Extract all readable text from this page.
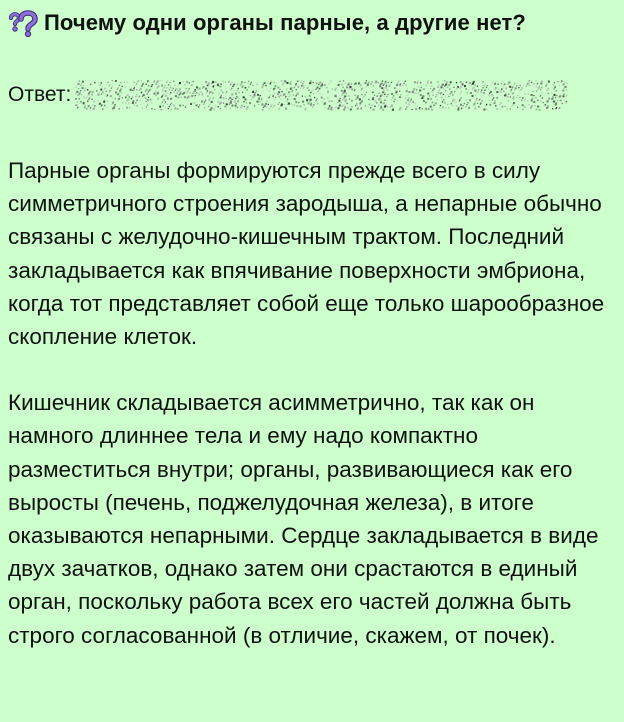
Почему одни органы парные, а другие нет?
Ответ:

Парные органы формируются прежде всего в силу симметричного строения зародыша, а непарные обычно связаны с желудочно-кишечным трактом. Последний закладывается как впячивание поверхности эмбриона, когда тот представляет собой еще только шарообразное скопление клеток.

Кишечник складывается асимметрично, так как он намного длиннее тела и ему надо компактно разместиться внутри; органы, развивающиеся как его выросты (печень, поджелудочная железа), в итоге оказываются непарными. Сердце закладывается в виде двух зачатков, однако затем они срастаются в единый орган, поскольку работа всех его частей должна быть строго согласованной (в отличие, скажем, от почек).
